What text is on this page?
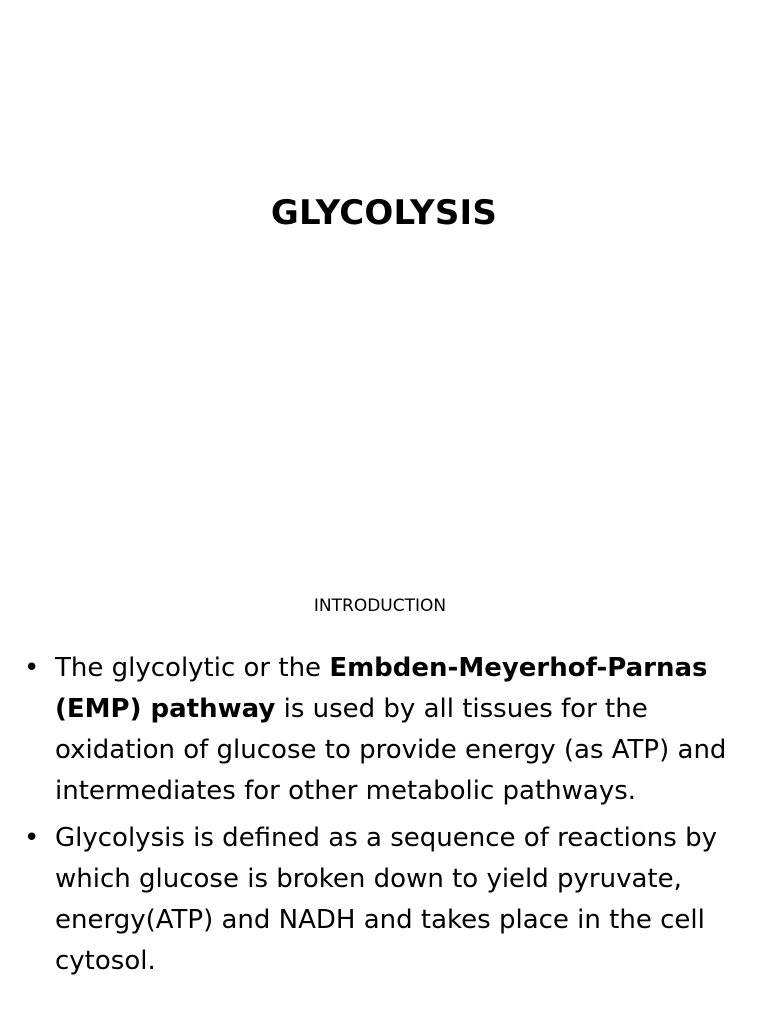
GLYCOLYSIS
INTRODUCTION
• The glycolytic or the Embden-Meyerhof-Parnas (EMP) pathway is used by all tissues for the oxidation of glucose to provide energy (as ATP) and intermediates for other metabolic pathways.
• Glycolysis is defined as a sequence of reactions by which glucose is broken down to yield pyruvate, energy(ATP) and NADH and takes place in the cell cytosol.
